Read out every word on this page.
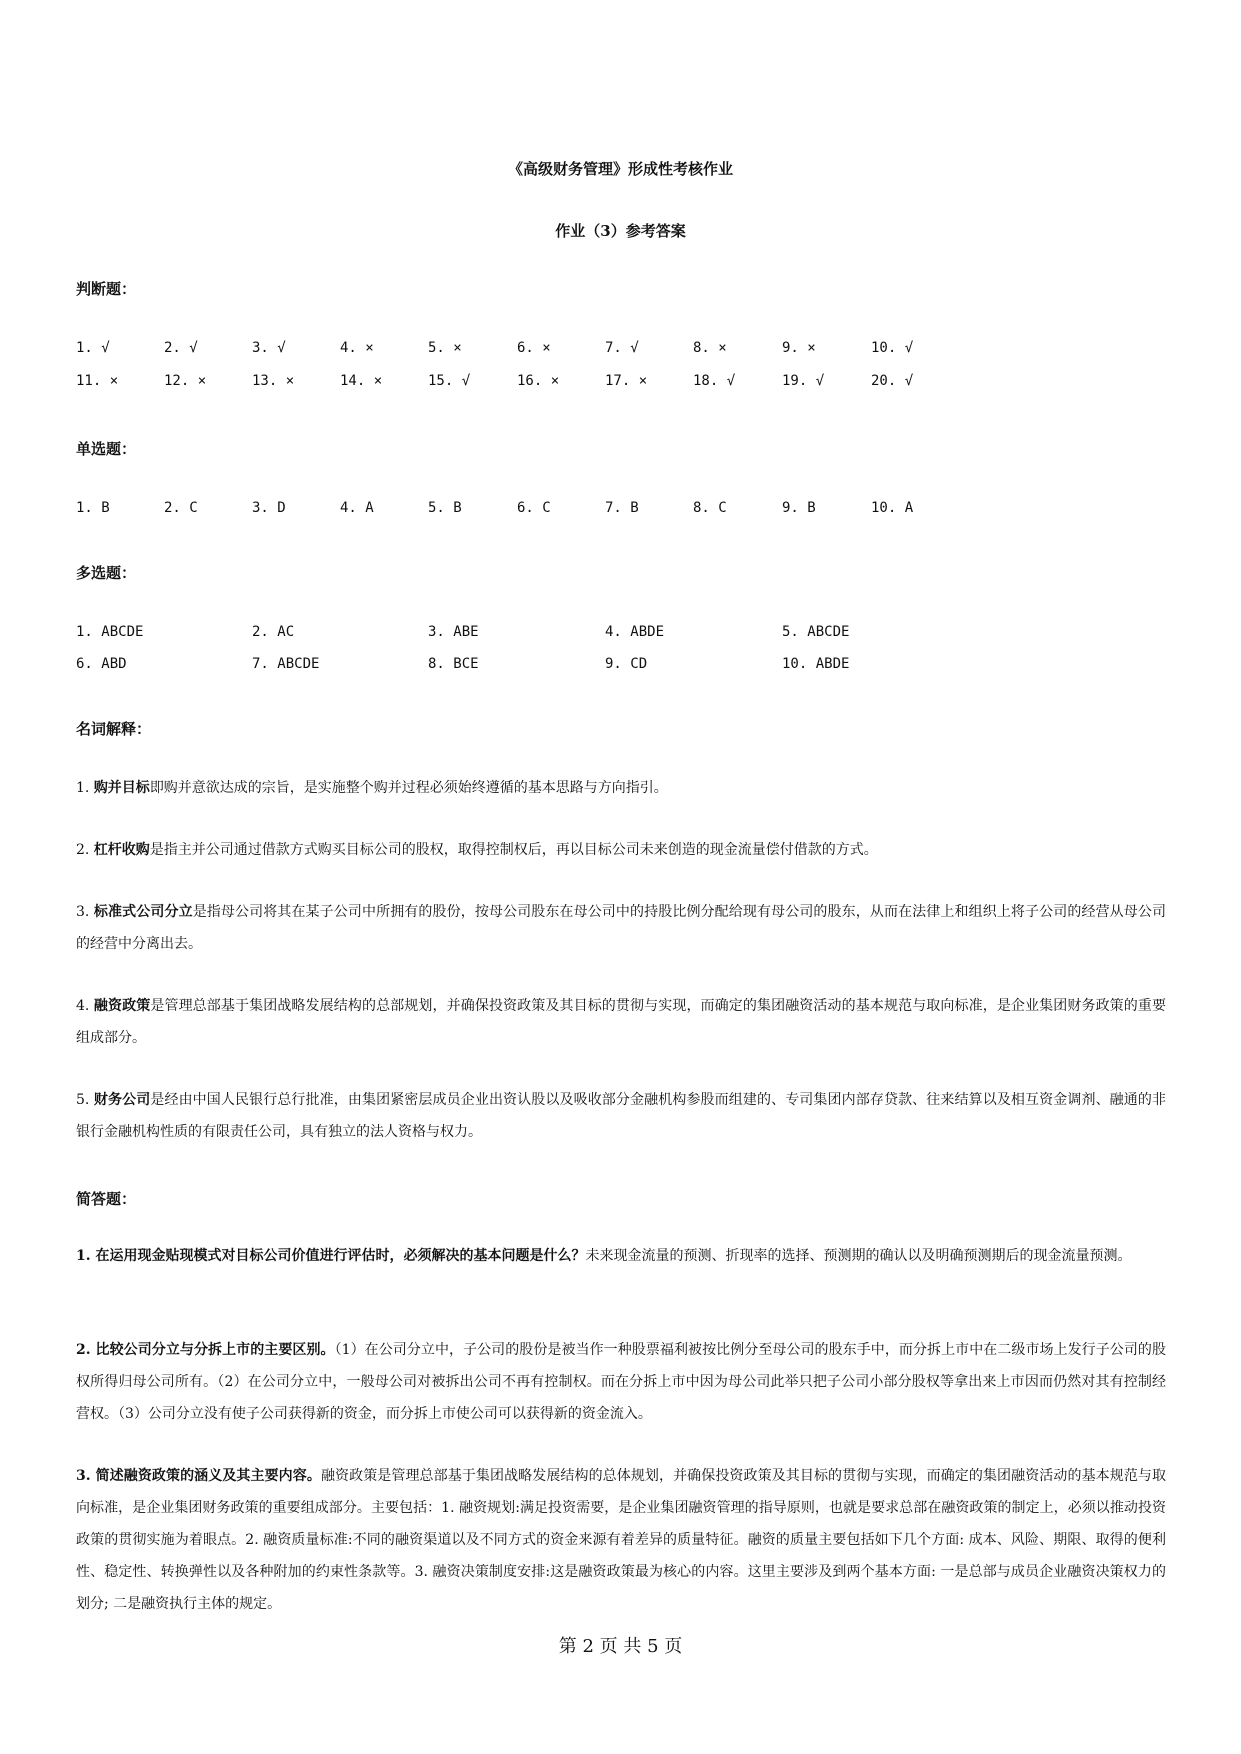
《高级财务管理》形成性考核作业
作业（3）参考答案
判断题：
1. √	2. √	3. √	4. ×	5. ×	6. ×	7. √	8. ×	9. ×	10. √
11. ×	12. ×	13. ×	14. ×	15. √	16. ×	17. ×	18. √	19. √	20. √
单选题：
1. B	2. C	3. D	4. A	5. B	6. C	7. B	8. C	9. B	10. A
多选题：
1. ABCDE	2. AC	3. ABE	4. ABDE	5. ABCDE
6. ABD	7. ABCDE	8. BCE	9. CD	10. ABDE
名词解释：
1. 购并目标即购并意欲达成的宗旨，是实施整个购并过程必须始终遵循的基本思路与方向指引。
2. 杠杆收购是指主并公司通过借款方式购买目标公司的股权，取得控制权后，再以目标公司未来创造的现金流量偿付借款的方式。
3. 标准式公司分立是指母公司将其在某子公司中所拥有的股份，按母公司股东在母公司中的持股比例分配给现有母公司的股东，从而在法律上和组织上将子公司的经营从母公司的经营中分离出去。
4. 融资政策是管理总部基于集团战略发展结构的总部规划，并确保投资政策及其目标的贯彻与实现，而确定的集团融资活动的基本规范与取向标准，是企业集团财务政策的重要组成部分。
5. 财务公司是经由中国人民银行总行批准，由集团紧密层成员企业出资认股以及吸收部分金融机构参股而组建的、专司集团内部存贷款、往来结算以及相互资金调剂、融通的非银行金融机构性质的有限责任公司，具有独立的法人资格与权力。
简答题：
1. 在运用现金贴现模式对目标公司价值进行评估时，必须解决的基本问题是什么？未来现金流量的预测、折现率的选择、预测期的确认以及明确预测期后的现金流量预测。
2. 比较公司分立与分拆上市的主要区别。（1）在公司分立中，子公司的股份是被当作一种股票福利被按比例分至母公司的股东手中，而分拆上市中在二级市场上发行子公司的股权所得归母公司所有。（2）在公司分立中，一般母公司对被拆出公司不再有控制权。而在分拆上市中因为母公司此举只把子公司小部分股权等拿出来上市因而仍然对其有控制经营权。（3）公司分立没有使子公司获得新的资金，而分拆上市使公司可以获得新的资金流入。
3. 简述融资政策的涵义及其主要内容。融资政策是管理总部基于集团战略发展结构的总体规划，并确保投资政策及其目标的贯彻与实现，而确定的集团融资活动的基本规范与取向标准，是企业集团财务政策的重要组成部分。主要包括：1. 融资规划:满足投资需要，是企业集团融资管理的指导原则，也就是要求总部在融资政策的制定上，必须以推动投资政策的贯彻实施为着眼点。2. 融资质量标准:不同的融资渠道以及不同方式的资金来源有着差异的质量特征。融资的质量主要包括如下几个方面: 成本、风险、期限、取得的便利性、稳定性、转换弹性以及各种附加的约束性条款等。3. 融资决策制度安排:这是融资政策最为核心的内容。这里主要涉及到两个基本方面: 一是总部与成员企业融资决策权力的划分; 二是融资执行主体的规定。
第 2 页 共 5 页
